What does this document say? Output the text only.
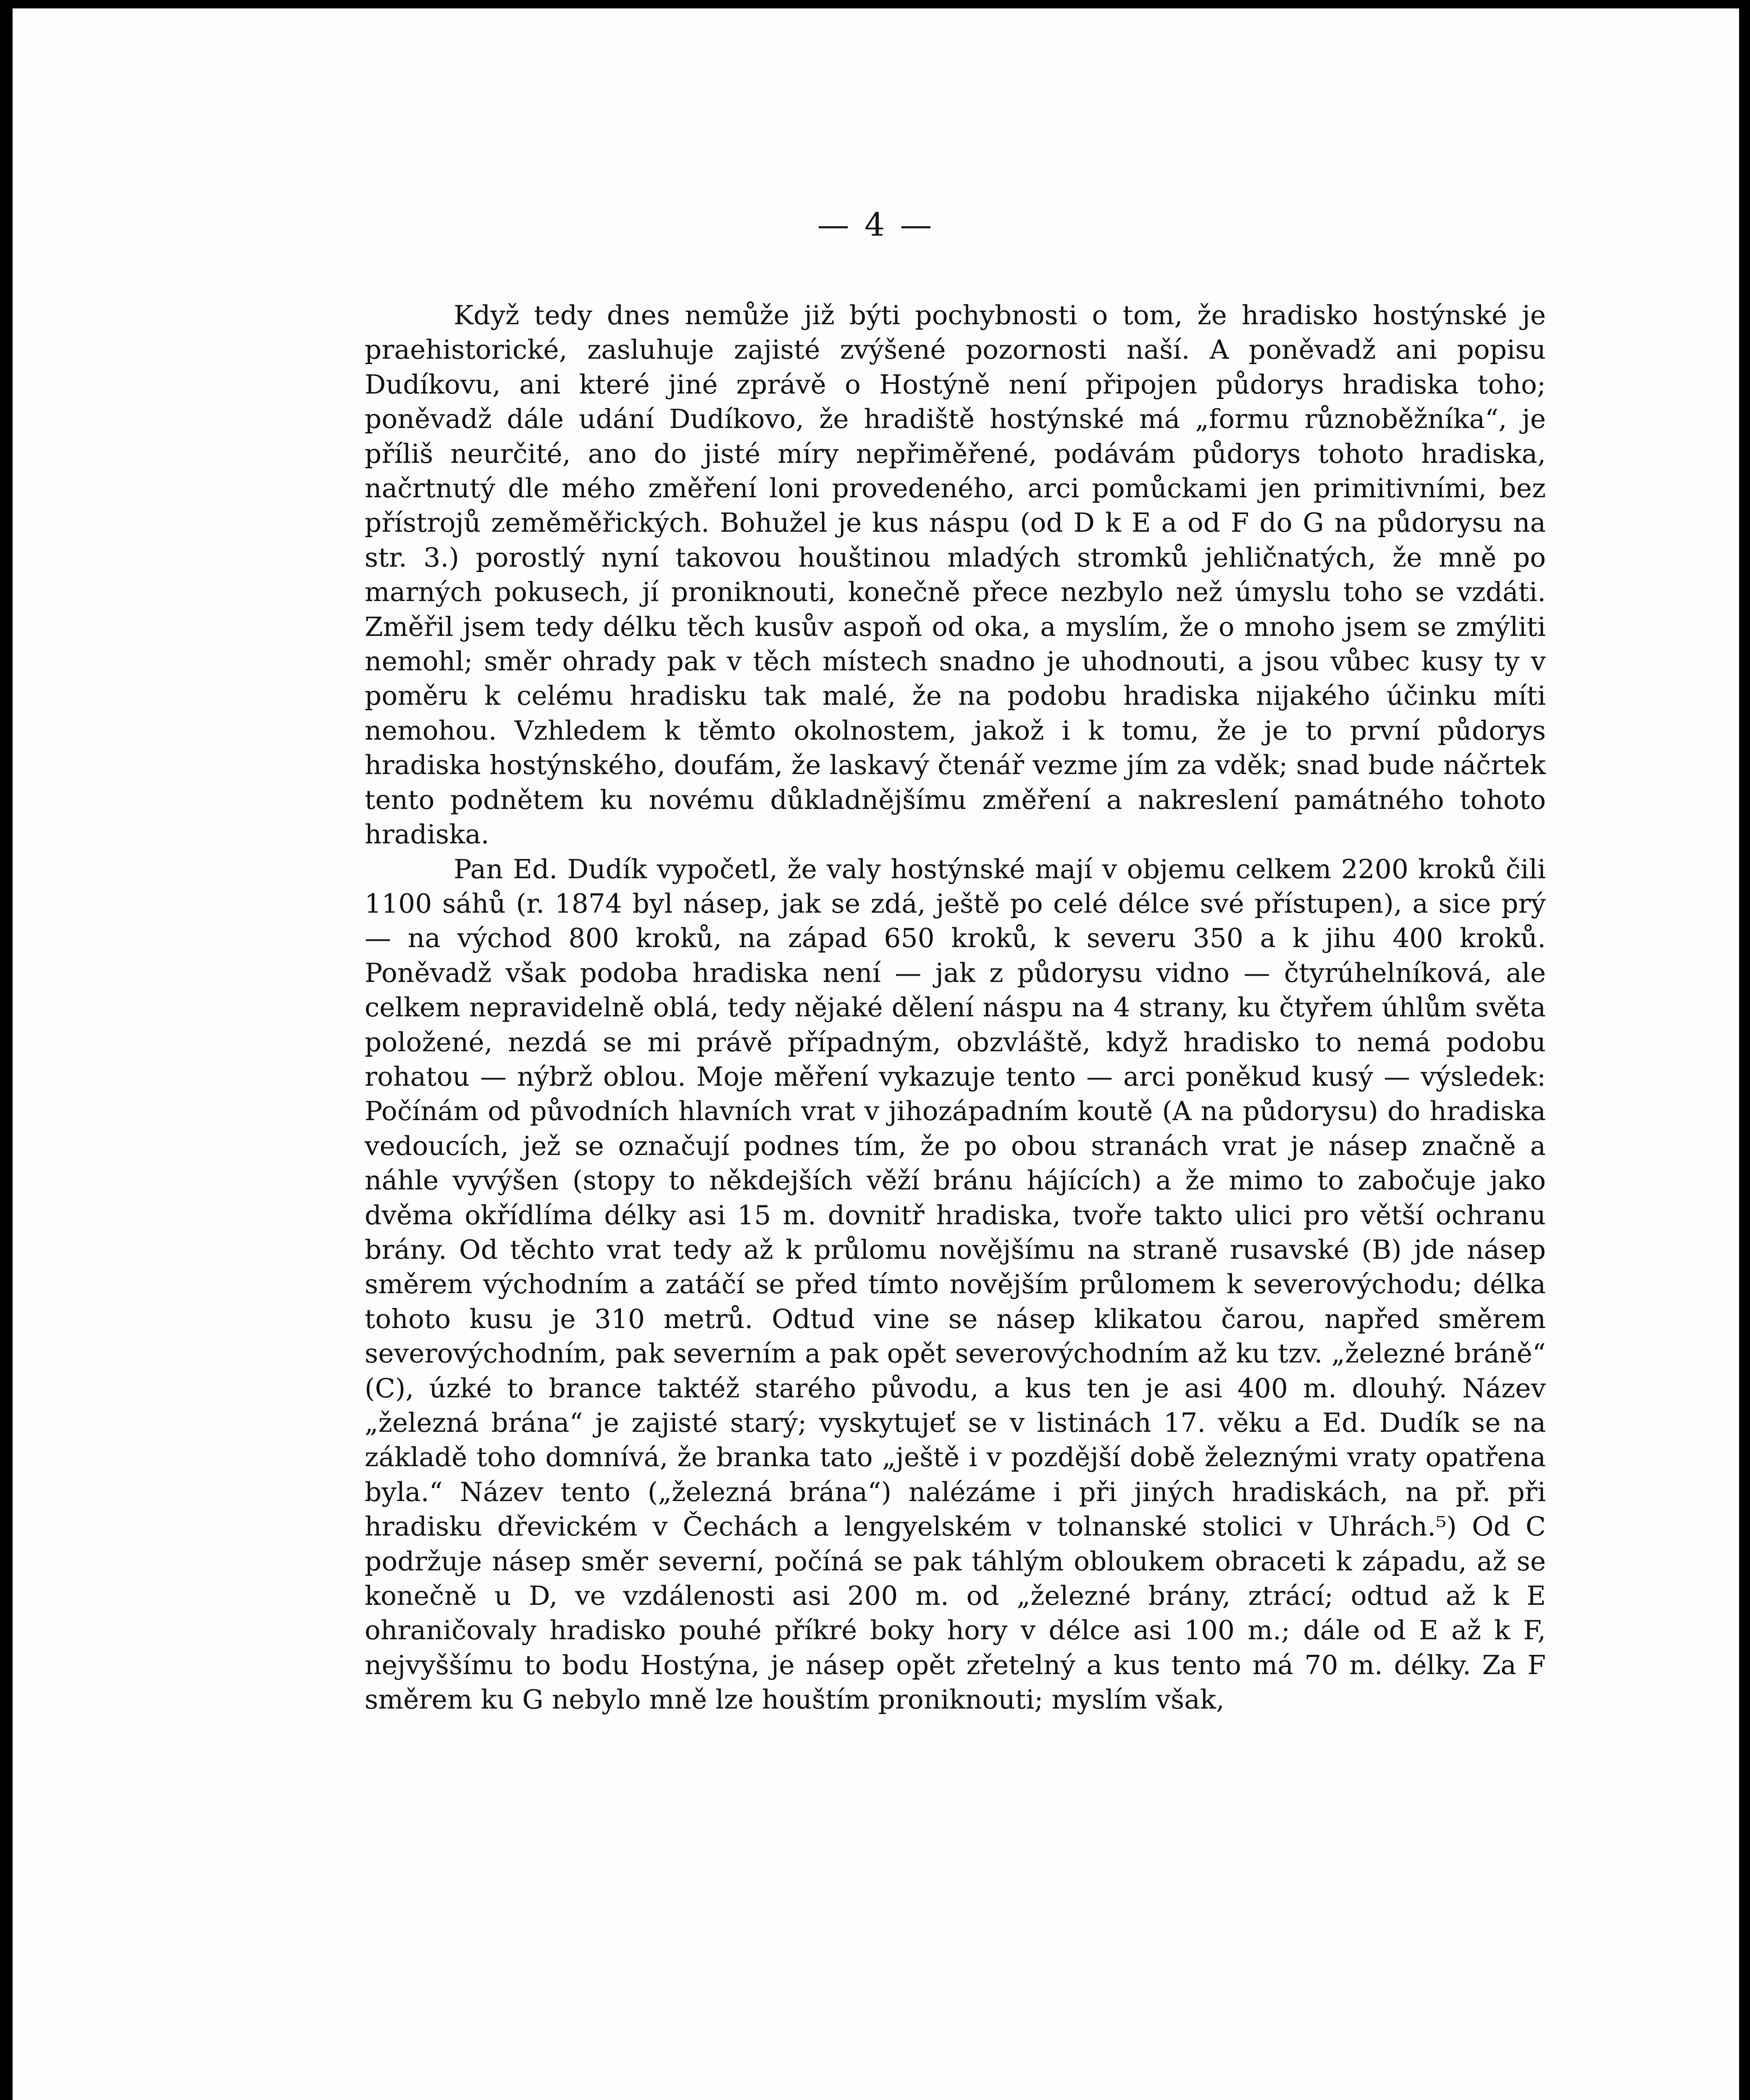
— 4 —

Když tedy dnes nemůže již býti pochybnosti o tom, že hradisko hostýnské je praehistorické, zasluhuje zajisté zvýšené pozornosti naší. A poněvadž ani popisu Dudíkovu, ani které jiné zprávě o Hostýně není připojen půdorys hradiska toho; poněvadž dále udání Dudíkovo, že hradiště hostýnské má „formu různoběžníka“, je příliš neurčité, ano do jisté míry nepřiměřené, podávám půdorys tohoto hradiska, načrtnutý dle mého změření loni provedeného, arci pomůckami jen primitivními, bez přístrojů zeměměřických. Bohužel je kus náspu (od D k E a od F do G na půdorysu na str. 3.) porostlý nyní takovou houštinou mladých stromků jehličnatých, že mně po marných pokusech, jí proniknouti, konečně přece nezbylo než úmyslu toho se vzdáti. Změřil jsem tedy délku těch kusův aspoň od oka, a myslím, že o mnoho jsem se zmýliti nemohl; směr ohrady pak v těch místech snadno je uhodnouti, a jsou vůbec kusy ty v poměru k celému hradisku tak malé, že na podobu hradiska nijakého účinku míti nemohou. Vzhledem k těmto okolnostem, jakož i k tomu, že je to první půdorys hradiska hostýnského, doufám, že laskavý čtenář vezme jím za vděk; snad bude náčrtek tento podnětem ku novému důkladnějšímu změření a nakreslení památného tohoto hradiska.

Pan Ed. Dudík vypočetl, že valy hostýnské mají v objemu celkem 2200 kroků čili 1100 sáhů (r. 1874 byl násep, jak se zdá, ještě po celé délce své přístupen), a sice prý — na východ 800 kroků, na západ 650 kroků, k severu 350 a k jihu 400 kroků. Poněvadž však podoba hradiska není — jak z půdorysu vidno — čtyrúhelníková, ale celkem nepravidelně oblá, tedy nějaké dělení náspu na 4 strany, ku čtyřem úhlům světa položené, nezdá se mi právě případným, obzvláště, když hradisko to nemá podobu rohatou — nýbrž oblou. Moje měření vykazuje tento — arci poněkud kusý — výsledek: Počínám od původních hlavních vrat v jihozápadním koutě (A na půdorysu) do hradiska vedoucích, jež se označují podnes tím, že po obou stranách vrat je násep značně a náhle vyvýšen (stopy to někdejších věží bránu hájících) a že mimo to zabočuje jako dvěma okřídlíma délky asi 15 m. dovnitř hradiska, tvoře takto ulici pro větší ochranu brány. Od těchto vrat tedy až k průlomu novějšímu na straně rusavské (B) jde násep směrem východním a zatáčí se před tímto novějším průlomem k severovýchodu; délka tohoto kusu je 310 metrů. Odtud vine se násep klikatou čarou, napřed směrem severovýchodním, pak severním a pak opět severovýchodním až ku tzv. „železné bráně“ (C), úzké to brance taktéž starého původu, a kus ten je asi 400 m. dlouhý. Název „železná brána“ je zajisté starý; vyskytujeť se v listinách 17. věku a Ed. Dudík se na základě toho domnívá, že branka tato „ještě i v pozdější době železnými vraty opatřena byla.“ Název tento („železná brána“) nalézáme i při jiných hradiskách, na př. při hradisku dřevickém v Čechách a lengyelském v tolnanské stolici v Uhrách.⁵) Od C podržuje násep směr severní, počíná se pak táhlým obloukem obraceti k západu, až se konečně u D, ve vzdálenosti asi 200 m. od „železné brány, ztrácí; odtud až k E ohraničovaly hradisko pouhé příkré boky hory v délce asi 100 m.; dále od E až k F, nejvyššímu to bodu Hostýna, je násep opět zřetelný a kus tento má 70 m. délky. Za F směrem ku G nebylo mně lze houštím proniknouti; myslím však,
